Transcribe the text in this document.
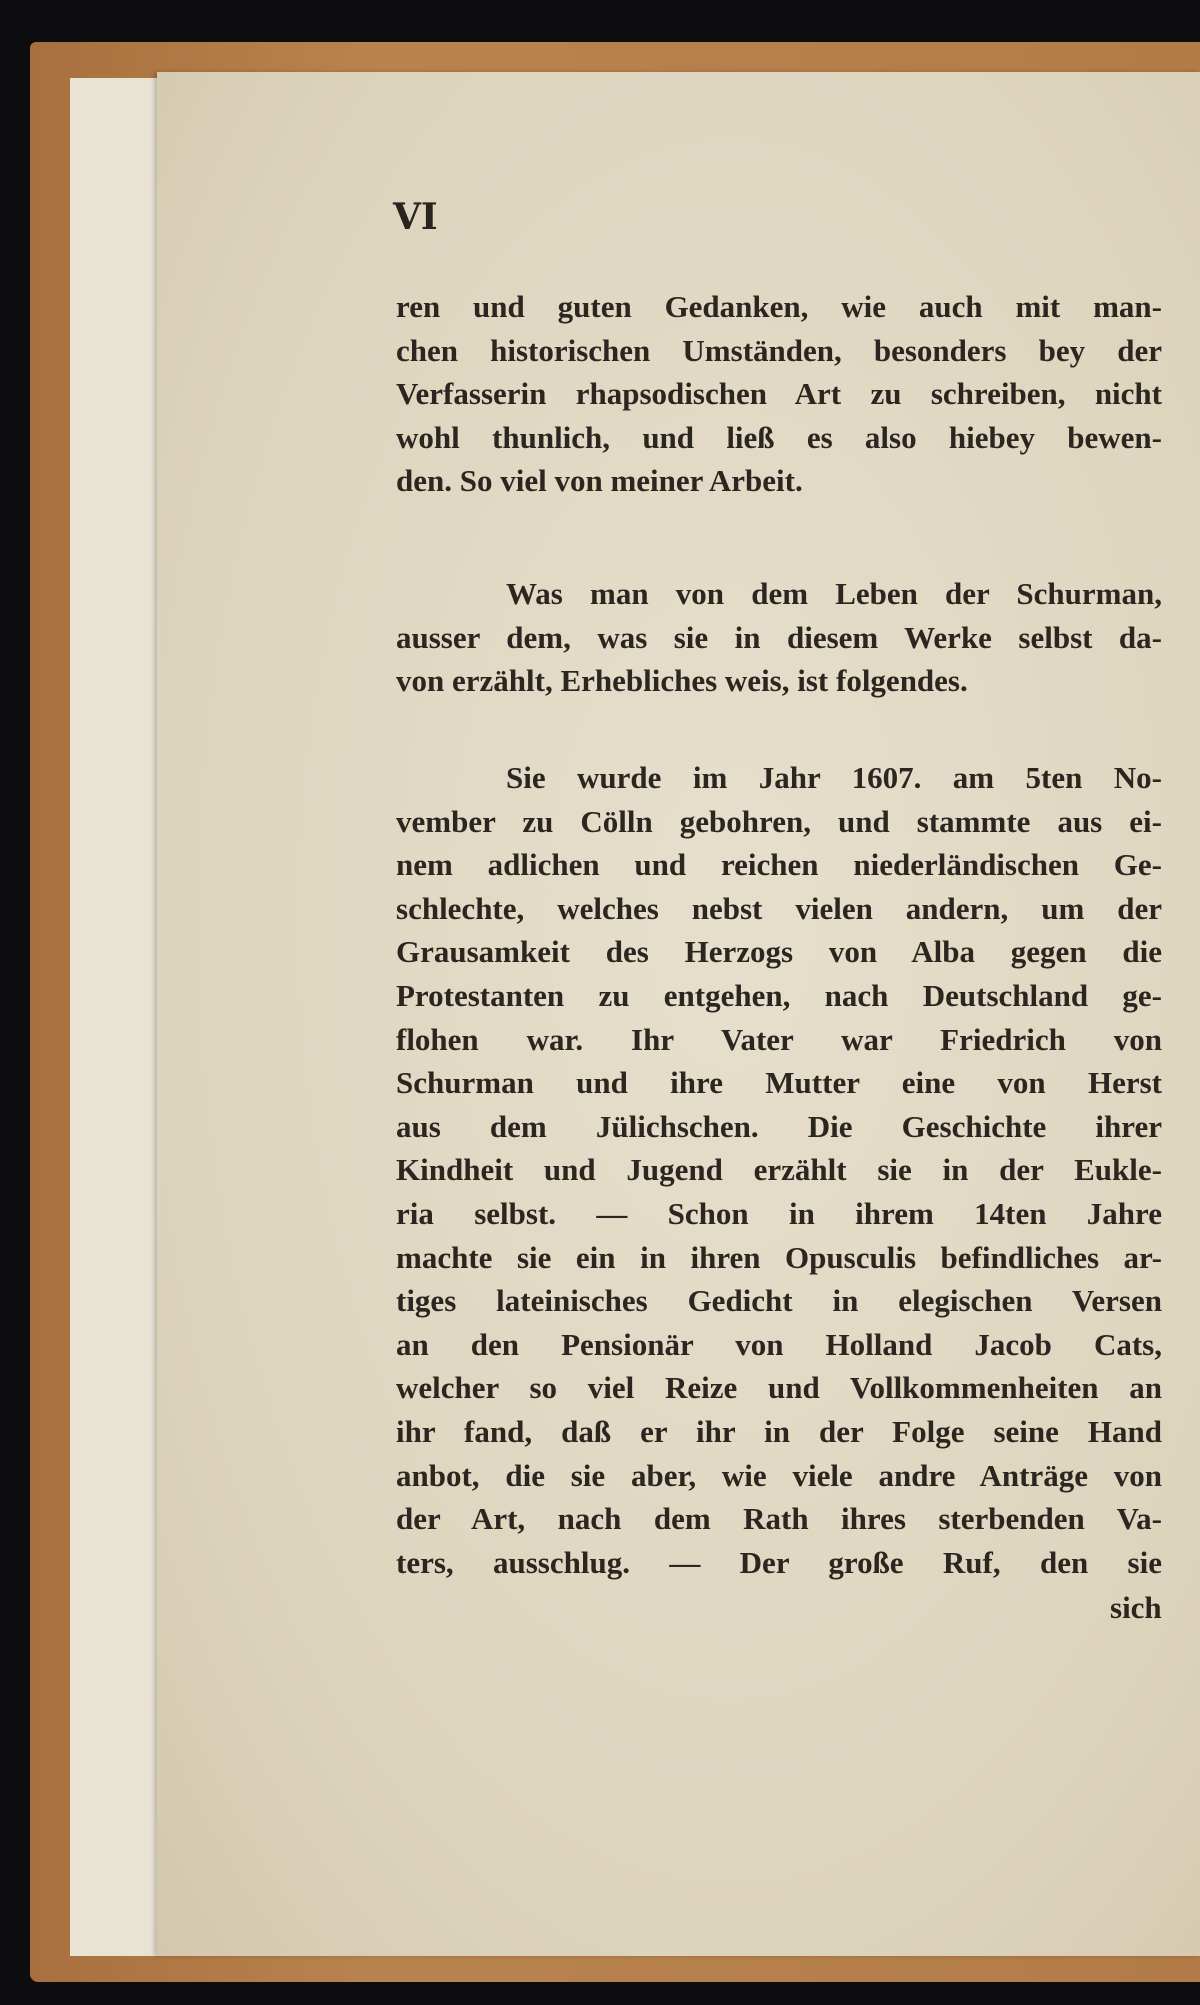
VI
ren und guten Gedanken, wie auch mit man-
chen historischen Umständen, besonders bey der
Verfasserin rhapsodischen Art zu schreiben, nicht
wohl thunlich, und ließ es also hiebey bewen-
den. So viel von meiner Arbeit.
Was man von dem Leben der Schurman,
ausser dem, was sie in diesem Werke selbst da-
von erzählt, Erhebliches weis, ist folgendes.
Sie wurde im Jahr 1607. am 5ten No-
vember zu Cölln gebohren, und stammte aus ei-
nem adlichen und reichen niederländischen Ge-
schlechte, welches nebst vielen andern, um der
Grausamkeit des Herzogs von Alba gegen die
Protestanten zu entgehen, nach Deutschland ge-
flohen war. Ihr Vater war Friedrich von
Schurman und ihre Mutter eine von Herst
aus dem Jülichschen. Die Geschichte ihrer
Kindheit und Jugend erzählt sie in der Eukle-
ria selbst. — Schon in ihrem 14ten Jahre
machte sie ein in ihren Opusculis befindliches ar-
tiges lateinisches Gedicht in elegischen Versen
an den Pensionär von Holland Jacob Cats,
welcher so viel Reize und Vollkommenheiten an
ihr fand, daß er ihr in der Folge seine Hand
anbot, die sie aber, wie viele andre Anträge von
der Art, nach dem Rath ihres sterbenden Va-
ters, ausschlug. — Der große Ruf, den sie
sich
